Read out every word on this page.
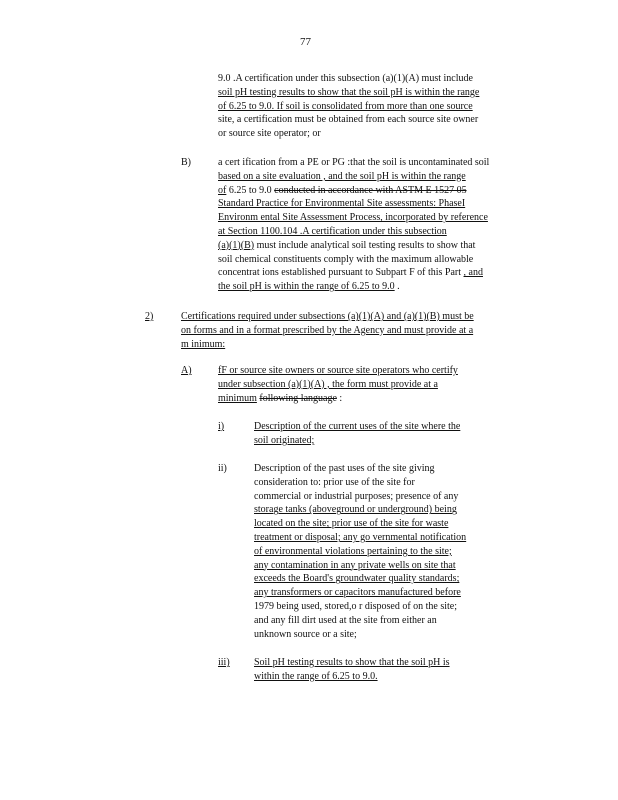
77
9.0 .A certification under this subsection (a)(1)(A) must include
soil pH testing results to show that the soil pH is within the range
of 6.25 to 9.0. If soil is consolidated from more than one source
site, a certification must be obtained from each source site owner
or source site operator; or
B)	a cert ification from a PE or PG :that the soil is uncontaminated soil
based on a site evaluation , and the soil pH is within the range
of 6.25 to 9.0 conducted in accordance with ASTM E 1527 05
Standard Practice for Environmental Site assessments: PhaseI
Environm ental Site Assessment Process, incorporated by reference
at Section 1100.104 .A certification under this subsection
(a)(1)(B) must include analytical soil testing results to show that
soil chemical constituents comply with the maximum allowable
concentrat ions established pursuant to Subpart F of this Part , and
the soil pH is within the range of 6.25 to 9.0 .
2)	Certifications required under subsections (a)(1)(A) and (a)(1)(B) must be
on forms and in a format prescribed by the Agency and must provide at a
m inimum:
A)	fF or source site owners or source site operators who certify
under subsection (a)(1)(A) , the form must provide at a
minimum following language :
i)	Description of the current uses of the site where the
soil originated;
ii)	Description of the past uses of the site giving
consideration to: prior use of the site for
commercial or industrial purposes; presence of any
storage tanks (aboveground or underground) being
located on the site; prior use of the site for waste
treatment or disposal; any go vernmental notification
of environmental violations pertaining to the site;
any contamination in any private wells on site that
exceeds the Board's groundwater quality standards;
any transformers or capacitors manufactured before
1979 being used, stored,o r disposed of on the site;
and any fill dirt used at the site from either an
unknown source or a site;
iii) Soil pH testing results to show that the soil pH is
within the range of 6.25 to 9.0.
